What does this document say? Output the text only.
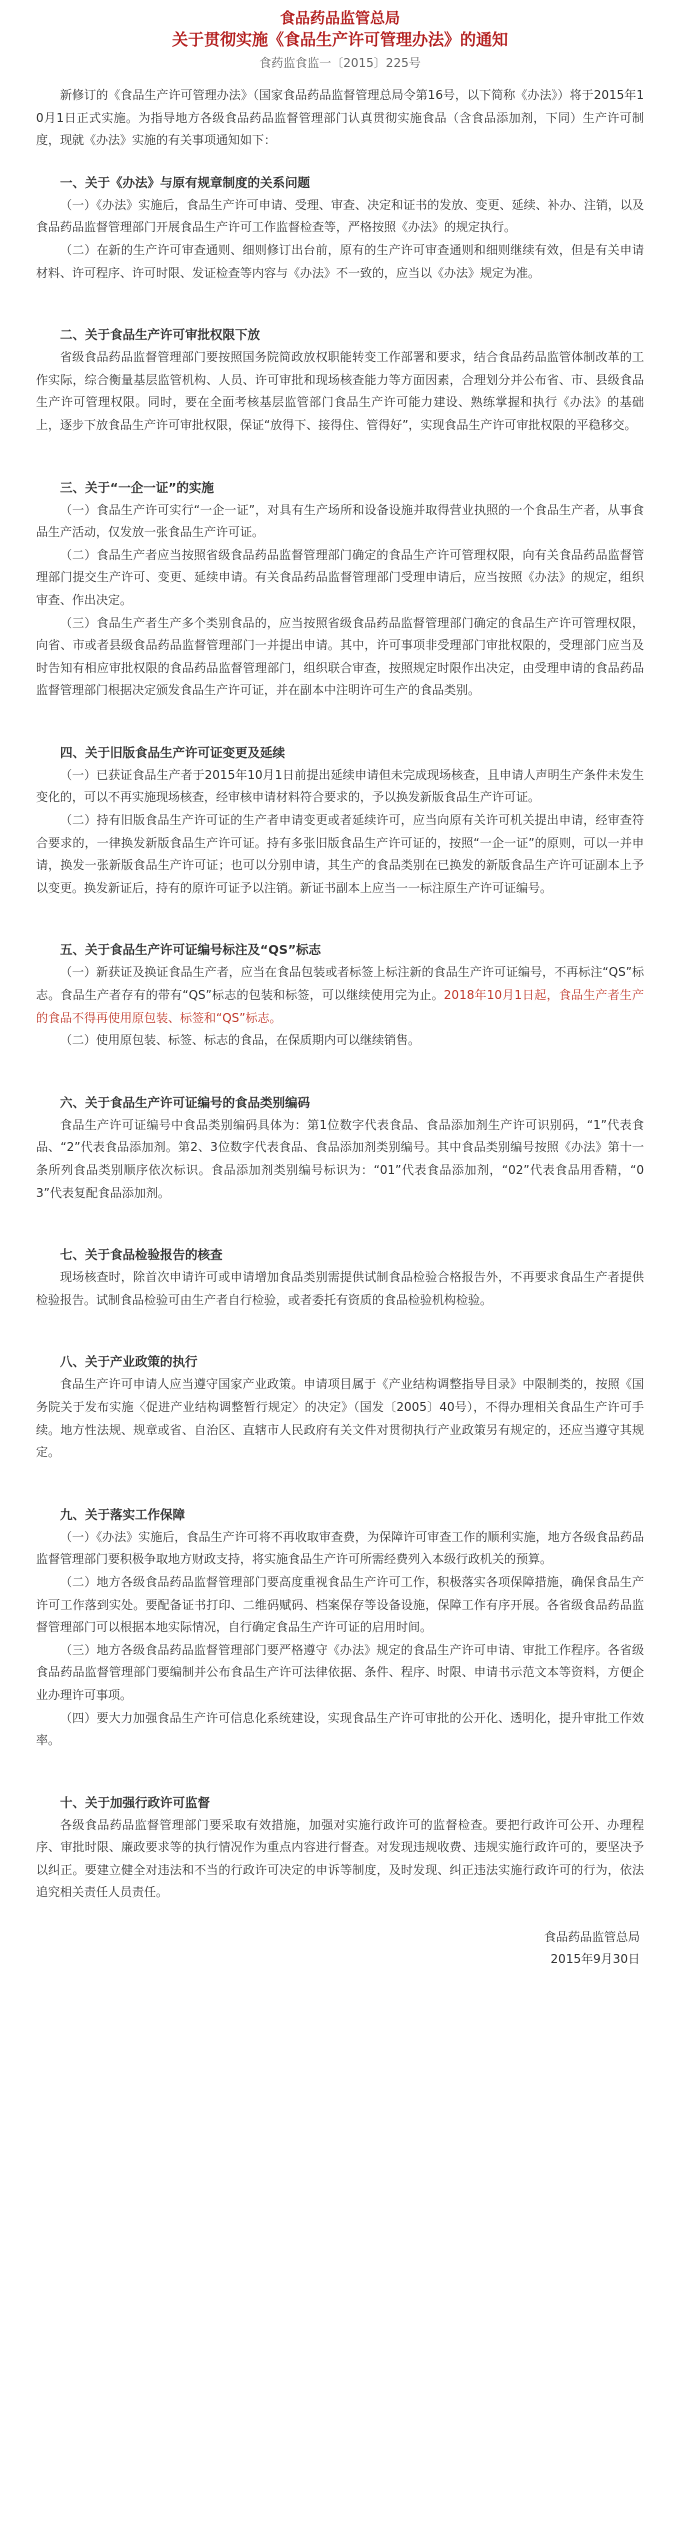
食品药品监管总局

关于贯彻实施《食品生产许可管理办法》的通知

食药监食监一〔2015〕225号

新修订的《食品生产许可管理办法》（国家食品药品监督管理总局令第16号，以下简称《办法》）将于2015年10月1日正式实施。为指导地方各级食品药品监督管理部门认真贯彻实施食品（含食品添加剂，下同）生产许可制度，现就《办法》实施的有关事项通知如下：

一、关于《办法》与原有规章制度的关系问题

（一）《办法》实施后，食品生产许可申请、受理、审查、决定和证书的发放、变更、延续、补办、注销，以及食品药品监督管理部门开展食品生产许可工作监督检查等，严格按照《办法》的规定执行。

（二）在新的生产许可审查通则、细则修订出台前，原有的生产许可审查通则和细则继续有效，但是有关申请材料、许可程序、许可时限、发证检查等内容与《办法》不一致的，应当以《办法》规定为准。

二、关于食品生产许可审批权限下放

省级食品药品监督管理部门要按照国务院简政放权职能转变工作部署和要求，结合食品药品监管体制改革的工作实际，综合衡量基层监管机构、人员、许可审批和现场核查能力等方面因素，合理划分并公布省、市、县级食品生产许可管理权限。同时，要在全面考核基层监管部门食品生产许可能力建设、熟练掌握和执行《办法》的基础上，逐步下放食品生产许可审批权限，保证“放得下、接得住、管得好”，实现食品生产许可审批权限的平稳移交。

三、关于“一企一证”的实施

（一）食品生产许可实行“一企一证”，对具有生产场所和设备设施并取得营业执照的一个食品生产者，从事食品生产活动，仅发放一张食品生产许可证。

（二）食品生产者应当按照省级食品药品监督管理部门确定的食品生产许可管理权限，向有关食品药品监督管理部门提交生产许可、变更、延续申请。有关食品药品监督管理部门受理申请后，应当按照《办法》的规定，组织审查、作出决定。

（三）食品生产者生产多个类别食品的，应当按照省级食品药品监督管理部门确定的食品生产许可管理权限，向省、市或者县级食品药品监督管理部门一并提出申请。其中，许可事项非受理部门审批权限的，受理部门应当及时告知有相应审批权限的食品药品监督管理部门，组织联合审查，按照规定时限作出决定，由受理申请的食品药品监督管理部门根据决定颁发食品生产许可证，并在副本中注明许可生产的食品类别。

四、关于旧版食品生产许可证变更及延续

（一）已获证食品生产者于2015年10月1日前提出延续申请但未完成现场核查，且申请人声明生产条件未发生变化的，可以不再实施现场核查，经审核申请材料符合要求的，予以换发新版食品生产许可证。

（二）持有旧版食品生产许可证的生产者申请变更或者延续许可，应当向原有关许可机关提出申请，经审查符合要求的，一律换发新版食品生产许可证。持有多张旧版食品生产许可证的，按照“一企一证”的原则，可以一并申请，换发一张新版食品生产许可证；也可以分别申请，其生产的食品类别在已换发的新版食品生产许可证副本上予以变更。换发新证后，持有的原许可证予以注销。新证书副本上应当一一标注原生产许可证编号。

五、关于食品生产许可证编号标注及“QS”标志

（一）新获证及换证食品生产者，应当在食品包装或者标签上标注新的食品生产许可证编号，不再标注“QS”标志。食品生产者存有的带有“QS”标志的包装和标签，可以继续使用完为止。2018年10月1日起，食品生产者生产的食品不得再使用原包装、标签和“QS”标志。

（二）使用原包装、标签、标志的食品，在保质期内可以继续销售。

六、关于食品生产许可证编号的食品类别编码

食品生产许可证编号中食品类别编码具体为：第1位数字代表食品、食品添加剂生产许可识别码，“1”代表食品、“2”代表食品添加剂。第2、3位数字代表食品、食品添加剂类别编号。其中食品类别编号按照《办法》第十一条所列食品类别顺序依次标识。食品添加剂类别编号标识为：“01”代表食品添加剂，“02”代表食品用香精，“03”代表复配食品添加剂。

七、关于食品检验报告的核查

现场核查时，除首次申请许可或申请增加食品类别需提供试制食品检验合格报告外，不再要求食品生产者提供检验报告。试制食品检验可由生产者自行检验，或者委托有资质的食品检验机构检验。

八、关于产业政策的执行

食品生产许可申请人应当遵守国家产业政策。申请项目属于《产业结构调整指导目录》中限制类的，按照《国务院关于发布实施〈促进产业结构调整暂行规定〉的决定》（国发〔2005〕40号），不得办理相关食品生产许可手续。地方性法规、规章或省、自治区、直辖市人民政府有关文件对贯彻执行产业政策另有规定的，还应当遵守其规定。

九、关于落实工作保障

（一）《办法》实施后，食品生产许可将不再收取审查费，为保障许可审查工作的顺利实施，地方各级食品药品监督管理部门要积极争取地方财政支持，将实施食品生产许可所需经费列入本级行政机关的预算。

（二）地方各级食品药品监督管理部门要高度重视食品生产许可工作，积极落实各项保障措施，确保食品生产许可工作落到实处。要配备证书打印、二维码赋码、档案保存等设备设施，保障工作有序开展。各省级食品药品监督管理部门可以根据本地实际情况，自行确定食品生产许可证的启用时间。

（三）地方各级食品药品监督管理部门要严格遵守《办法》规定的食品生产许可申请、审批工作程序。各省级食品药品监督管理部门要编制并公布食品生产许可法律依据、条件、程序、时限、申请书示范文本等资料，方便企业办理许可事项。

（四）要大力加强食品生产许可信息化系统建设，实现食品生产许可审批的公开化、透明化，提升审批工作效率。

十、关于加强行政许可监督

各级食品药品监督管理部门要采取有效措施，加强对实施行政许可的监督检查。要把行政许可公开、办理程序、审批时限、廉政要求等的执行情况作为重点内容进行督查。对发现违规收费、违规实施行政许可的，要坚决予以纠正。要建立健全对违法和不当的行政许可决定的申诉等制度，及时发现、纠正违法实施行政许可的行为，依法追究相关责任人员责任。

食品药品监管总局

2015年9月30日
